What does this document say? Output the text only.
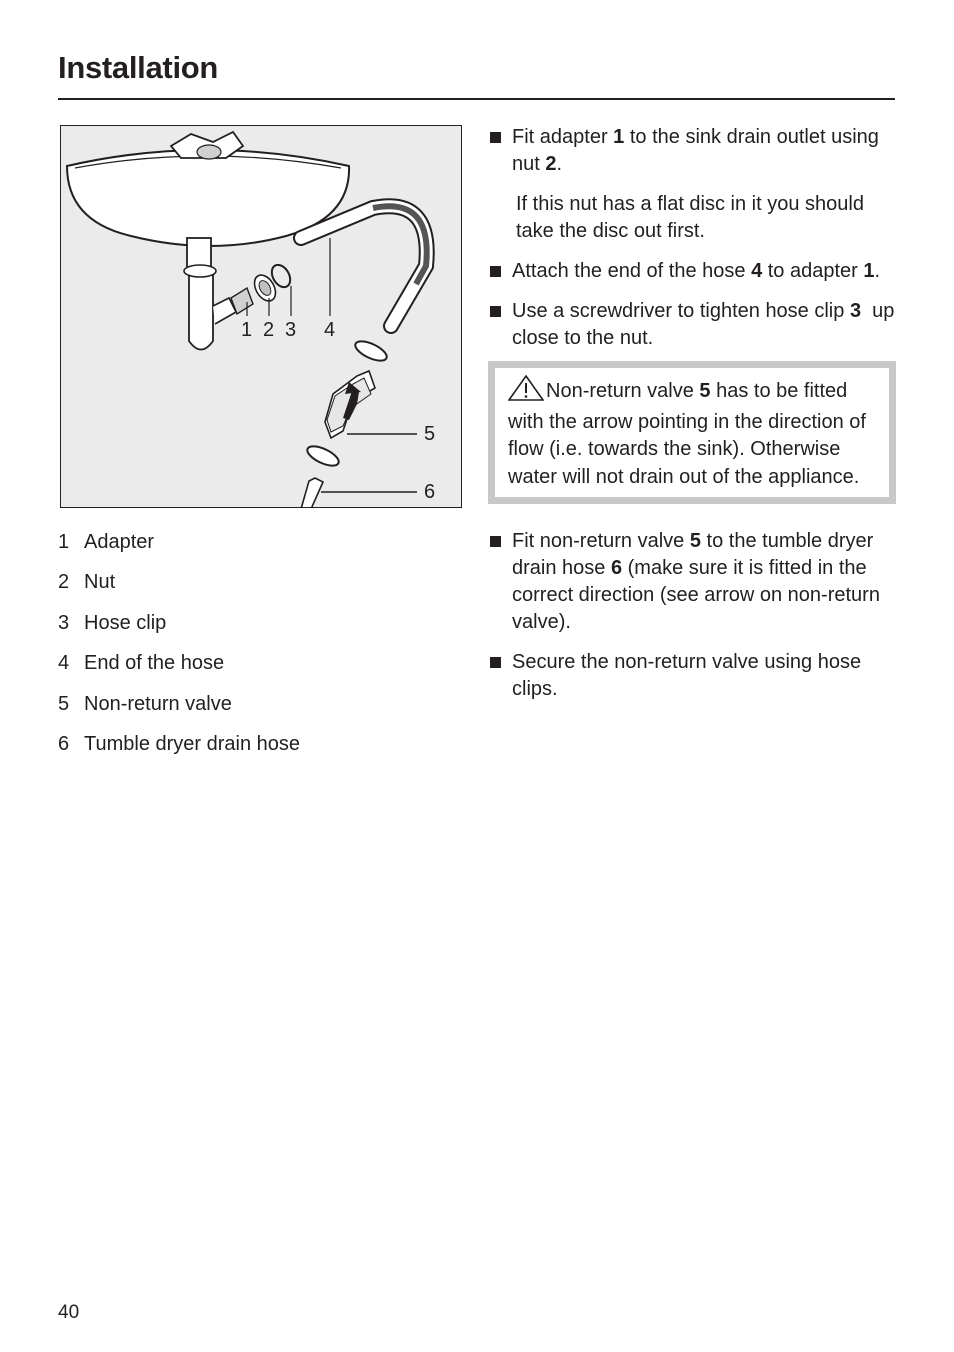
Installation
1 2 3 4
5
6
1 Adapter
2 Nut
3 Hose clip
4 End of the hose
5 Non-return valve
6 Tumble dryer drain hose
Fit adapter 1 to the sink drain outlet using nut 2.
If this nut has a flat disc in it you should take the disc out first.
Attach the end of the hose 4 to adapter 1.
Use a screwdriver to tighten hose clip 3  up close to the nut.
Non-return valve 5 has to be fitted with the arrow pointing in the direction of flow (i.e. towards the sink). Otherwise water will not drain out of the appliance.
Fit non-return valve 5 to the tumble dryer drain hose 6 (make sure it is fitted in the correct direction (see arrow on non-return valve).
Secure the non-return valve using hose clips.
40
